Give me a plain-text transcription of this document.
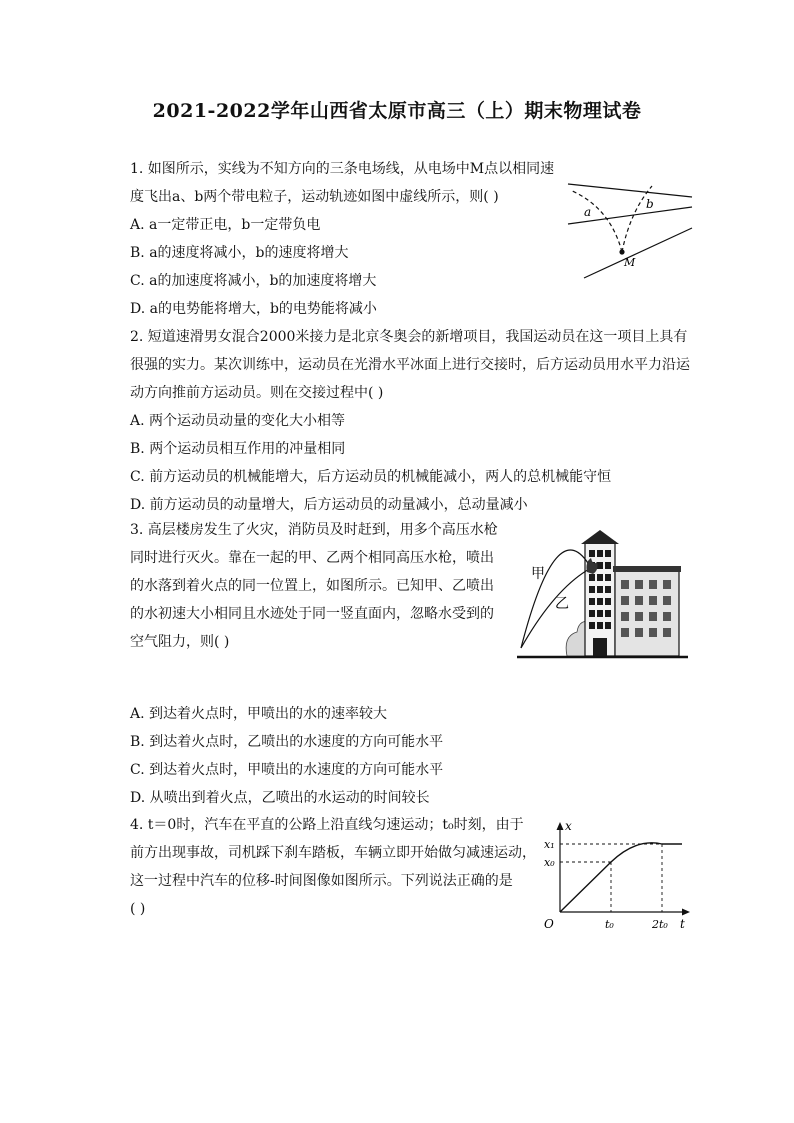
2021-2022学年山西省太原市高三（上）期末物理试卷
1. 如图所示，实线为不知方向的三条电场线，从电场中M点以相同速
度飞出a、b两个带电粒子，运动轨迹如图中虚线所示，则( )
A. a一定带正电，b一定带负电
B. a的速度将减小，b的速度将增大
C. a的加速度将减小，b的加速度将增大
D. a的电势能将增大，b的电势能将减小
a
b
M
2. 短道速滑男女混合2000米接力是北京冬奥会的新增项目，我国运动员在这一项目上具有
很强的实力。某次训练中，运动员在光滑水平冰面上进行交接时，后方运动员用水平力沿运
动方向推前方运动员。则在交接过程中( )
A. 两个运动员动量的变化大小相等
B. 两个运动员相互作用的冲量相同
C. 前方运动员的机械能增大，后方运动员的机械能减小，两人的总机械能守恒
D. 前方运动员的动量增大，后方运动员的动量减小，总动量减小
3. 高层楼房发生了火灾，消防员及时赶到，用多个高压水枪
同时进行灭火。靠在一起的甲、乙两个相同高压水枪，喷出
的水落到着火点的同一位置上，如图所示。已知甲、乙喷出
的水初速大小相同且水迹处于同一竖直面内，忽略水受到的
空气阻力，则( )
甲
乙
A. 到达着火点时，甲喷出的水的速率较大
B. 到达着火点时，乙喷出的水速度的方向可能水平
C. 到达着火点时，甲喷出的水速度的方向可能水平
D. 从喷出到着火点，乙喷出的水运动的时间较长
4. t＝0时，汽车在平直的公路上沿直线匀速运动；t₀时刻，由于
前方出现事故，司机踩下刹车踏板，车辆立即开始做匀减速运动，
这一过程中汽车的位移-时间图像如图所示。下列说法正确的是
( )
x
t
O
x₁
x₀
t₀	2t₀
